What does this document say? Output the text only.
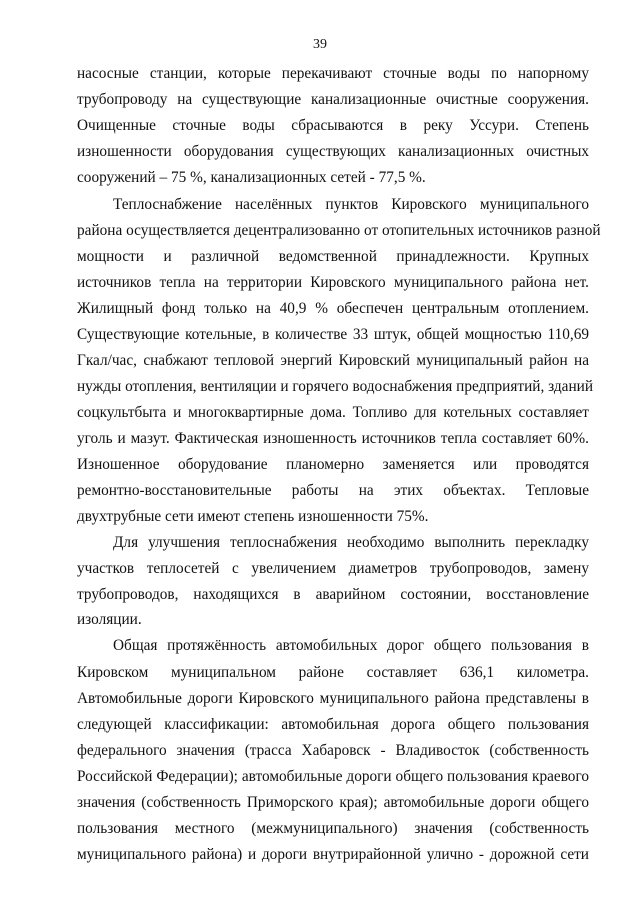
39
насосные станции, которые перекачивают сточные воды по напорному
трубопроводу на существующие канализационные очистные сооружения.
Очищенные сточные воды сбрасываются в реку Уссури. Степень
изношенности оборудования существующих канализационных очистных
сооружений – 75 %, канализационных сетей - 77,5 %.
Теплоснабжение населённых пунктов Кировского муниципального
района осуществляется децентрализованно от отопительных источников разной
мощности и различной ведомственной принадлежности. Крупных
источников тепла на территории Кировского муниципального района нет.
Жилищный фонд только на 40,9 % обеспечен центральным отоплением.
Существующие котельные, в количестве 33 штук, общей мощностью 110,69
Гкал/час, снабжают тепловой энергий Кировский муниципальный район на
нужды отопления, вентиляции и горячего водоснабжения предприятий, зданий
соцкультбыта и многоквартирные дома. Топливо для котельных составляет
уголь и мазут. Фактическая изношенность источников тепла составляет 60%.
Изношенное оборудование планомерно заменяется или проводятся
ремонтно-восстановительные работы на этих объектах. Тепловые
двухтрубные сети имеют степень изношенности 75%.
Для улучшения теплоснабжения необходимо выполнить перекладку
участков теплосетей с увеличением диаметров трубопроводов, замену
трубопроводов, находящихся в аварийном состоянии, восстановление
изоляции.
Общая протяжённость автомобильных дорог общего пользования в
Кировском муниципальном районе составляет 636,1 километра.
Автомобильные дороги Кировского муниципального района представлены в
следующей классификации: автомобильная дорога общего пользования
федерального значения (трасса Хабаровск - Владивосток (собственность
Российской Федерации); автомобильные дороги общего пользования краевого
значения (собственность Приморского края); автомобильные дороги общего
пользования местного (межмуниципального) значения (собственность
муниципального района) и дороги внутрирайонной улично - дорожной сети
